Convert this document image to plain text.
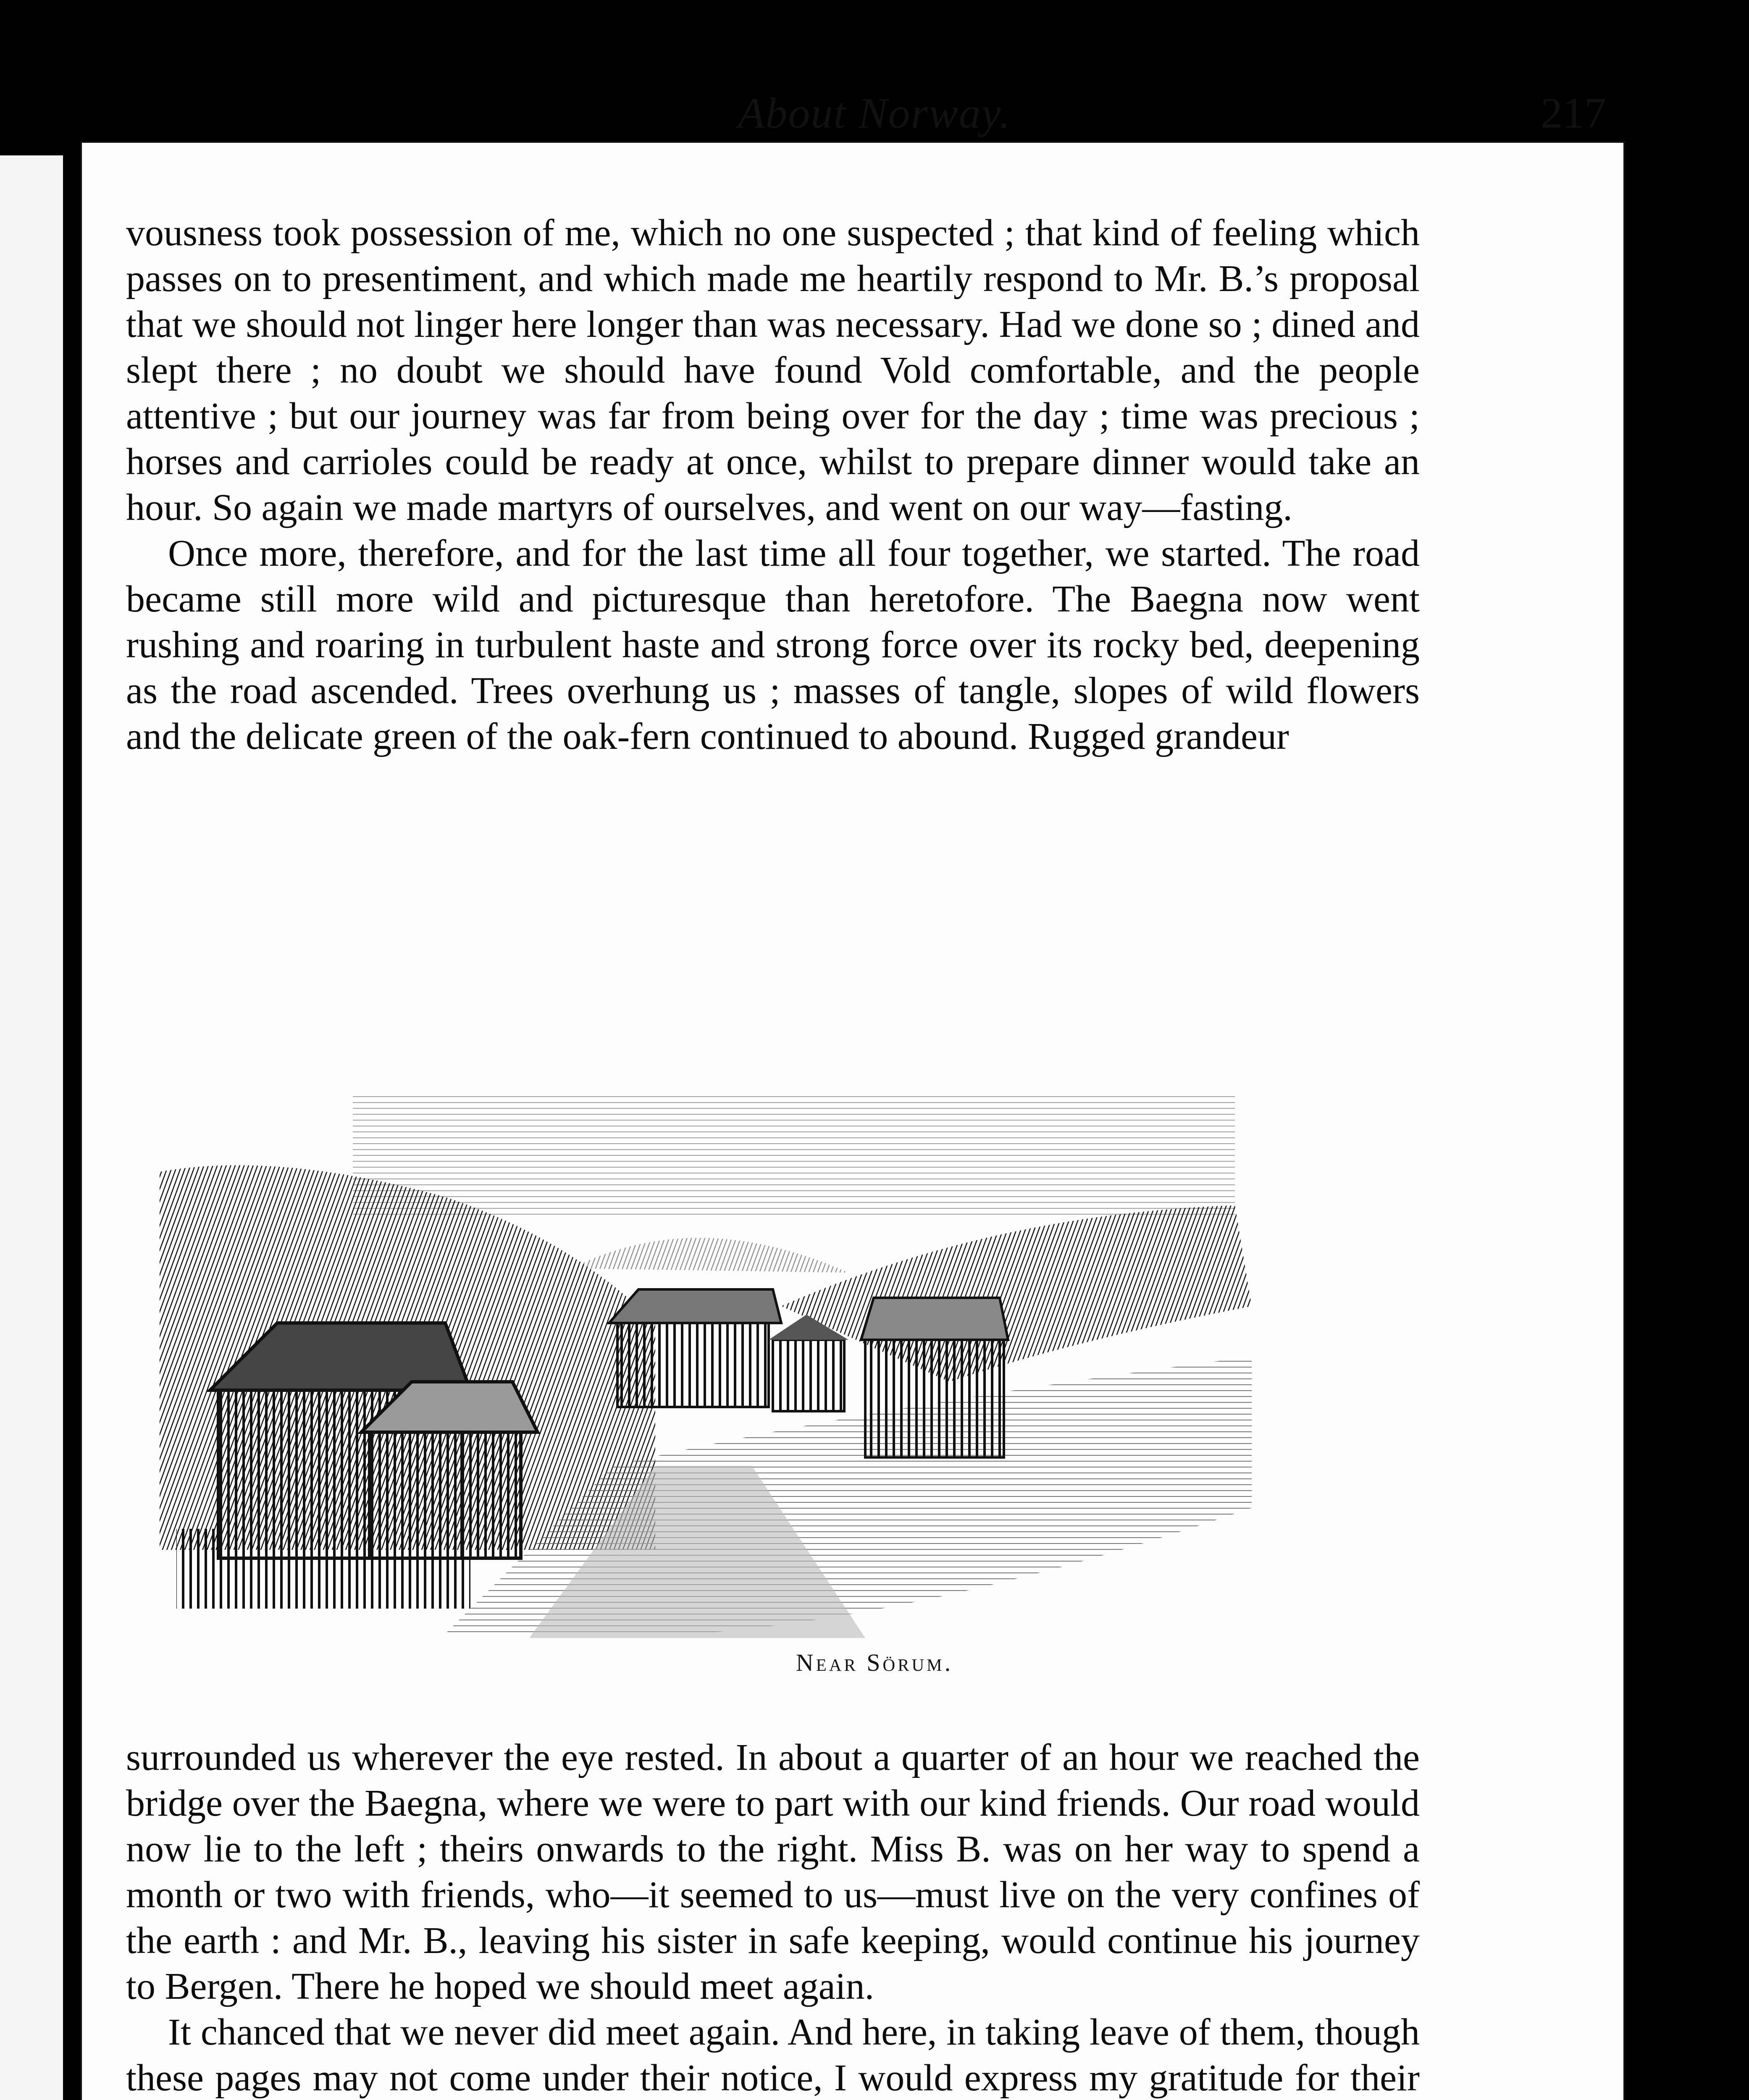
About Norway.	217

vousness took possession of me, which no one suspected ; that kind of feeling which passes on to presentiment, and which made me heartily respond to Mr. B.’s proposal that we should not linger here longer than was necessary. Had we done so ; dined and slept there ; no doubt we should have found Vold comfortable, and the people attentive ; but our journey was far from being over for the day ; time was precious ; horses and carrioles could be ready at once, whilst to prepare dinner would take an hour. So again we made martyrs of ourselves, and went on our way—fasting.

Once more, therefore, and for the last time all four together, we started. The road became still more wild and picturesque than heretofore. The Baegna now went rushing and roaring in turbulent haste and strong force over its rocky bed, deepening as the road ascended. Trees overhung us ; masses of tangle, slopes of wild flowers and the delicate green of the oak-fern continued to abound. Rugged grandeur

Near Sörum.

surrounded us wherever the eye rested. In about a quarter of an hour we reached the bridge over the Baegna, where we were to part with our kind friends. Our road would now lie to the left ; theirs onwards to the right. Miss B. was on her way to spend a month or two with friends, who—it seemed to us—must live on the very confines of the earth : and Mr. B., leaving his sister in safe keeping, would continue his journey to Bergen. There he hoped we should meet again.

It chanced that we never did meet again. And here, in taking leave of them, though these pages may not come under their notice, I would express my gratitude for their
